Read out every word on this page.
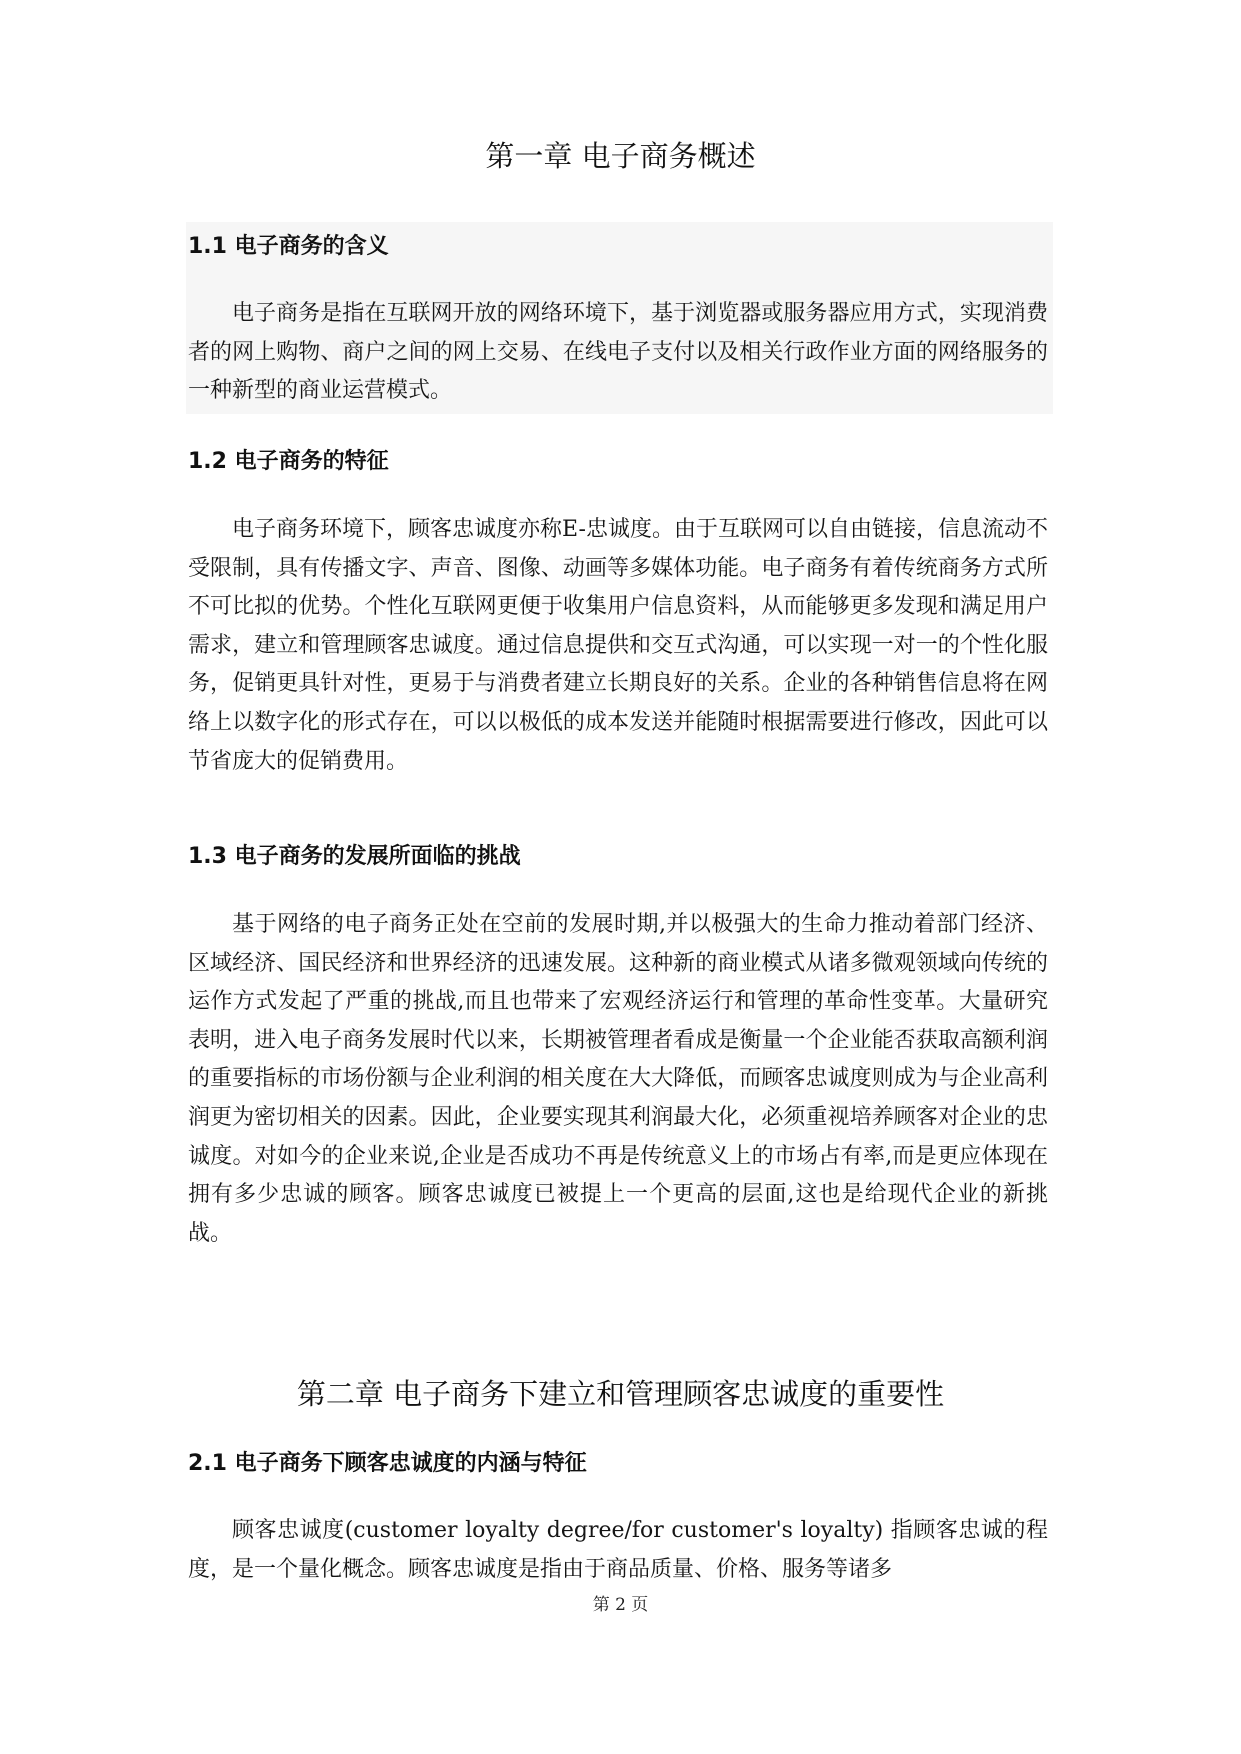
第一章 电子商务概述
1.1 电子商务的含义

电子商务是指在互联网开放的网络环境下，基于浏览器或服务器应用方式，实现消费者的网上购物、商户之间的网上交易、在线电子支付以及相关行政作业方面的网络服务的一种新型的商业运营模式。

1.2 电子商务的特征

电子商务环境下，顾客忠诚度亦称E-忠诚度。由于互联网可以自由链接，信息流动不受限制，具有传播文字、声音、图像、动画等多媒体功能。电子商务有着传统商务方式所不可比拟的优势。个性化互联网更便于收集用户信息资料，从而能够更多发现和满足用户需求，建立和管理顾客忠诚度。通过信息提供和交互式沟通，可以实现一对一的个性化服务，促销更具针对性，更易于与消费者建立长期良好的关系。企业的各种销售信息将在网络上以数字化的形式存在，可以以极低的成本发送并能随时根据需要进行修改，因此可以节省庞大的促销费用。

1.3 电子商务的发展所面临的挑战

基于网络的电子商务正处在空前的发展时期,并以极强大的生命力推动着部门经济、区域经济、国民经济和世界经济的迅速发展。这种新的商业模式从诸多微观领域向传统的运作方式发起了严重的挑战,而且也带来了宏观经济运行和管理的革命性变革。大量研究表明，进入电子商务发展时代以来，长期被管理者看成是衡量一个企业能否获取高额利润的重要指标的市场份额与企业利润的相关度在大大降低，而顾客忠诚度则成为与企业高利润更为密切相关的因素。因此，企业要实现其利润最大化，必须重视培养顾客对企业的忠诚度。对如今的企业来说,企业是否成功不再是传统意义上的市场占有率,而是更应体现在拥有多少忠诚的顾客。顾客忠诚度已被提上一个更高的层面,这也是给现代企业的新挑战。

第二章 电子商务下建立和管理顾客忠诚度的重要性
2.1 电子商务下顾客忠诚度的内涵与特征

顾客忠诚度(customer loyalty degree/for customer's loyalty) 指顾客忠诚的程度，是一个量化概念。顾客忠诚度是指由于商品质量、价格、服务等诸多

第 2 页
